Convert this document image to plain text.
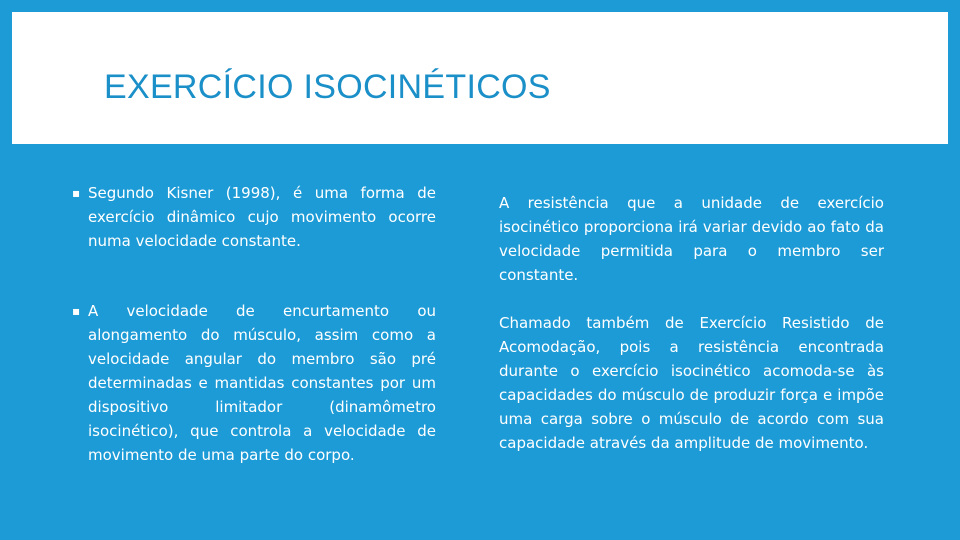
EXERCÍCIO ISOCINÉTICOS

▪ Segundo Kisner (1998), é uma forma de exercício dinâmico cujo movimento ocorre numa velocidade constante.

▪ A velocidade de encurtamento ou alongamento do músculo, assim como a velocidade angular do membro são pré determinadas e mantidas constantes por um dispositivo limitador (dinamômetro isocinético), que controla a velocidade de movimento de uma parte do corpo.

A resistência que a unidade de exercício isocinético proporciona irá variar devido ao fato da velocidade permitida para o membro ser constante.

Chamado também de Exercício Resistido de Acomodação, pois a resistência encontrada durante o exercício isocinético acomoda-se às capacidades do músculo de produzir força e impõe uma carga sobre o músculo de acordo com sua capacidade através da amplitude de movimento.
